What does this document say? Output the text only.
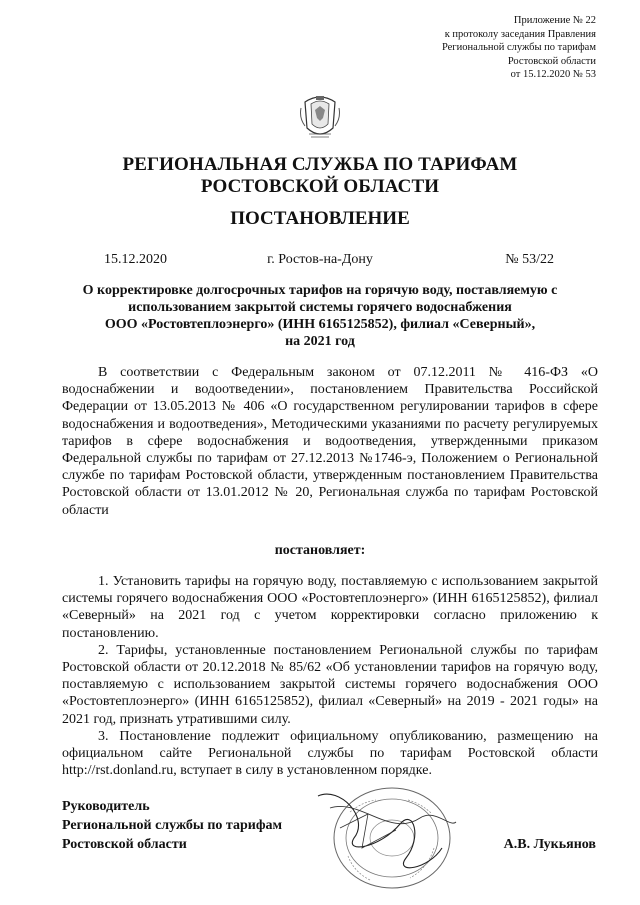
Приложение № 22
к протоколу заседания Правления
Региональной службы по тарифам
Ростовской области
от 15.12.2020 № 53
РЕГИОНАЛЬНАЯ СЛУЖБА ПО ТАРИФАМ
РОСТОВСКОЙ ОБЛАСТИ
ПОСТАНОВЛЕНИЕ
15.12.2020	г. Ростов-на-Дону	№ 53/22
О корректировке долгосрочных тарифов на горячую воду, поставляемую с
использованием закрытой системы горячего водоснабжения
ООО «Ростовтеплоэнерго» (ИНН 6165125852), филиал «Северный»,
на 2021 год

В соответствии с Федеральным законом от 07.12.2011 № 416-ФЗ «О водоснабжении и водоотведении», постановлением Правительства Российской Федерации от 13.05.2013 № 406 «О государственном регулировании тарифов в сфере водоснабжения и водоотведения», Методическими указаниями по расчету регулируемых тарифов в сфере водоснабжения и водоотведения, утвержденными приказом Федеральной службы по тарифам от 27.12.2013 №1746-э, Положением о Региональной службе по тарифам Ростовской области, утвержденным постановлением Правительства Ростовской области от 13.01.2012 № 20, Региональная служба по тарифам Ростовской области

постановляет:

1. Установить тарифы на горячую воду, поставляемую с использованием закрытой системы горячего водоснабжения ООО «Ростовтеплоэнерго» (ИНН 6165125852), филиал «Северный» на 2021 год с учетом корректировки согласно приложению к постановлению.

2. Тарифы, установленные постановлением Региональной службы по тарифам Ростовской области от 20.12.2018 № 85/62 «Об установлении тарифов на горячую воду, поставляемую с использованием закрытой системы горячего водоснабжения ООО «Ростовтеплоэнерго» (ИНН 6165125852), филиал «Северный» на 2019 - 2021 годы» на 2021 год, признать утратившими силу.

3. Постановление подлежит официальному опубликованию, размещению на официальном сайте Региональной службы по тарифам Ростовской области http://rst.donland.ru, вступает в силу в установленном порядке.

Руководитель
Региональной службы по тарифам
Ростовской области	А.В. Лукьянов
